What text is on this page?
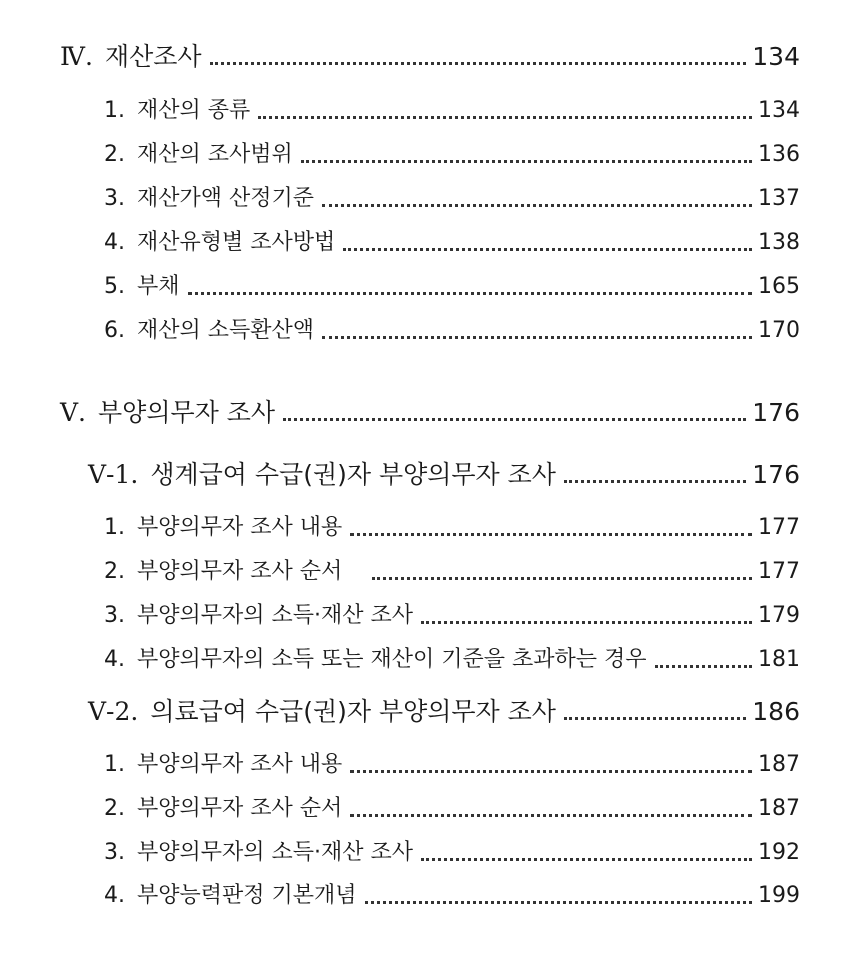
Ⅳ. 재산조사	134
1. 재산의 종류	134
2. 재산의 조사범위	136
3. 재산가액 산정기준	137
4. 재산유형별 조사방법	138
5. 부채	165
6. 재산의 소득환산액	170
Ⅴ. 부양의무자 조사	176
Ⅴ-1. 생계급여 수급(권)자 부양의무자 조사	176
1. 부양의무자 조사 내용	177
2. 부양의무자 조사 순서	177
3. 부양의무자의 소득·재산 조사	179
4. 부양의무자의 소득 또는 재산이 기준을 초과하는 경우	181
Ⅴ-2. 의료급여 수급(권)자 부양의무자 조사	186
1. 부양의무자 조사 내용	187
2. 부양의무자 조사 순서	187
3. 부양의무자의 소득·재산 조사	192
4. 부양능력판정 기본개념	199
